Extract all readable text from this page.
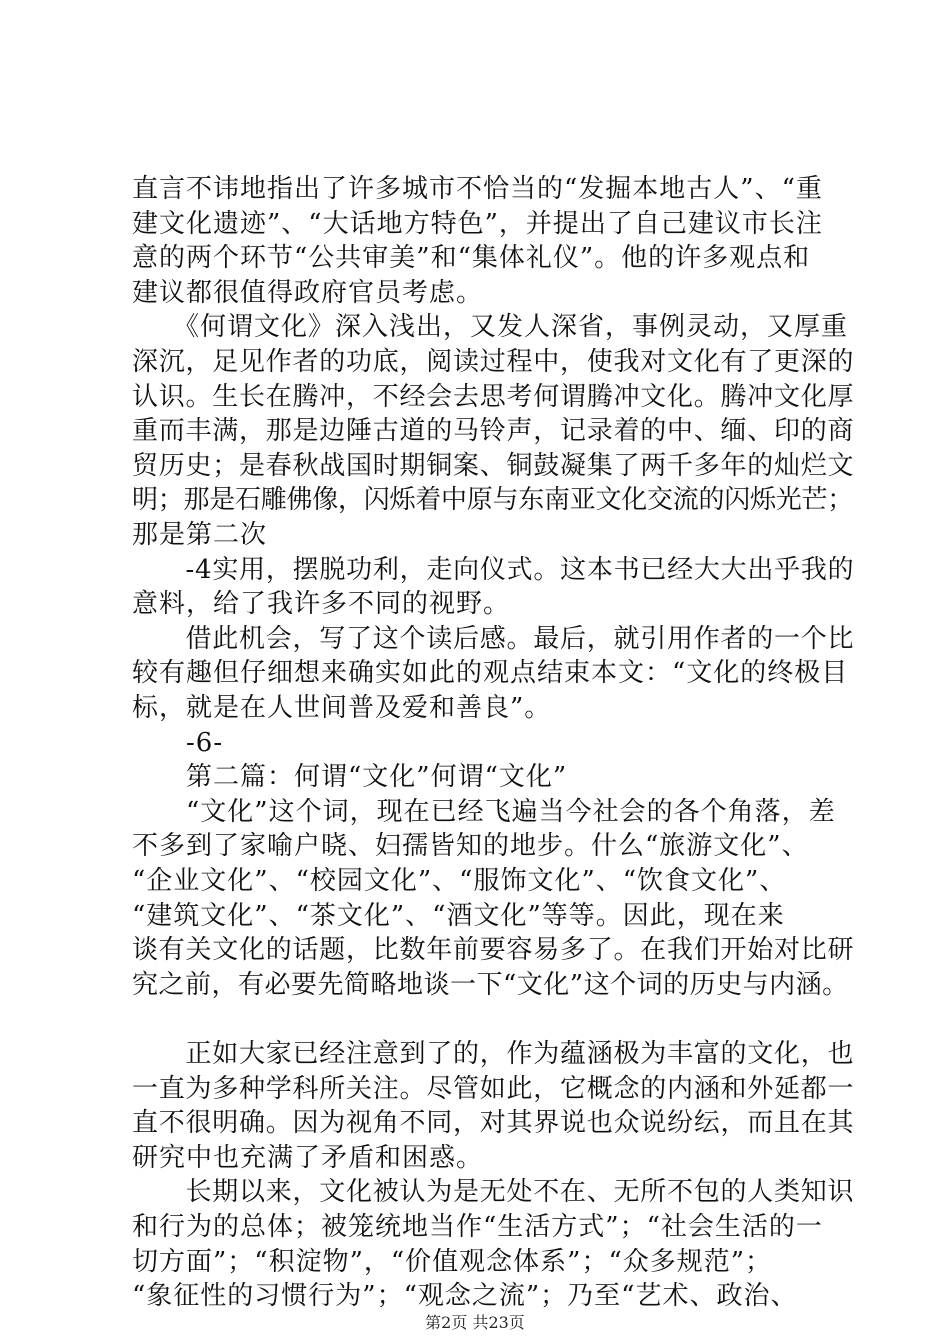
直言不讳地指出了许多城市不恰当的“发掘本地古人”、“重
建文化遗迹”、“大话地方特色”，并提出了自己建议市长注
意的两个环节“公共审美”和“集体礼仪”。他的许多观点和
建议都很值得政府官员考虑。
　　《何谓文化》深入浅出，又发人深省，事例灵动，又厚重
深沉，足见作者的功底，阅读过程中，使我对文化有了更深的
认识。生长在腾冲，不经会去思考何谓腾冲文化。腾冲文化厚
重而丰满，那是边陲古道的马铃声，记录着的中、缅、印的商
贸历史；是春秋战国时期铜案、铜鼓凝集了两千多年的灿烂文
明；那是石雕佛像，闪烁着中原与东南亚文化交流的闪烁光芒；
那是第二次
　　-4实用，摆脱功利，走向仪式。这本书已经大大出乎我的
意料，给了我许多不同的视野。
　　借此机会，写了这个读后感。最后，就引用作者的一个比
较有趣但仔细想来确实如此的观点结束本文：“文化的终极目
标，就是在人世间普及爱和善良”。
　　-6-
　　第二篇：何谓“文化”何谓“文化”
　　“文化”这个词，现在已经飞遍当今社会的各个角落，差
不多到了家喻户晓、妇孺皆知的地步。什么“旅游文化”、
“企业文化”、“校园文化”、“服饰文化”、“饮食文化”、
“建筑文化”、“茶文化”、“酒文化”等等。因此，现在来
谈有关文化的话题，比数年前要容易多了。在我们开始对比研
究之前，有必要先简略地谈一下“文化”这个词的历史与内涵。
　　正如大家已经注意到了的，作为蕴涵极为丰富的文化，也
一直为多种学科所关注。尽管如此，它概念的内涵和外延都一
直不很明确。因为视角不同，对其界说也众说纷纭，而且在其
研究中也充满了矛盾和困惑。
　　长期以来，文化被认为是无处不在、无所不包的人类知识
和行为的总体；被笼统地当作“生活方式”；“社会生活的一
切方面”；“积淀物”，“价值观念体系”；“众多规范”；
“象征性的习惯行为”；“观念之流”；乃至“艺术、政治、
第2页 共23页
